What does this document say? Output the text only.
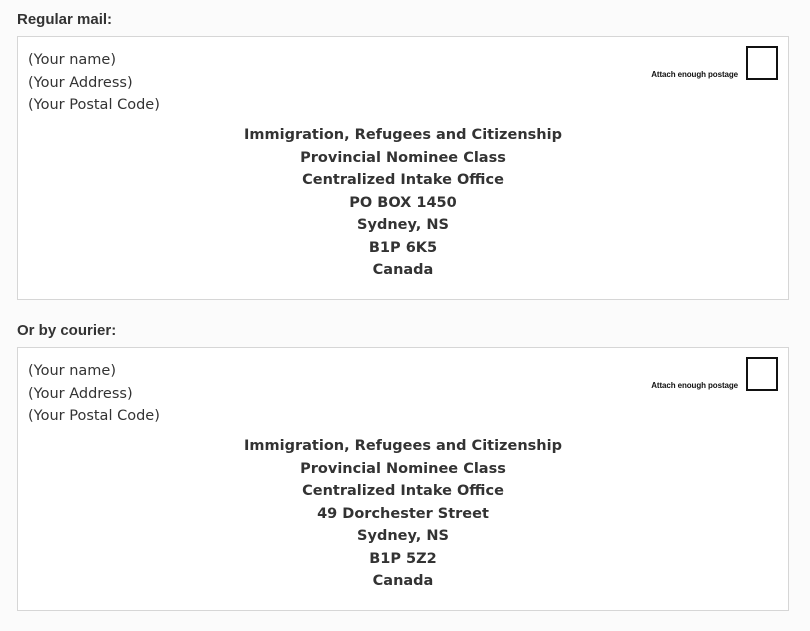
Regular mail:
(Your name)
(Your Address)
(Your Postal Code)
Attach enough postage
Immigration, Refugees and Citizenship
Provincial Nominee Class
Centralized Intake Office
PO BOX 1450
Sydney, NS
B1P 6K5
Canada
Or by courier:
(Your name)
(Your Address)
(Your Postal Code)
Attach enough postage
Immigration, Refugees and Citizenship
Provincial Nominee Class
Centralized Intake Office
49 Dorchester Street
Sydney, NS
B1P 5Z2
Canada
